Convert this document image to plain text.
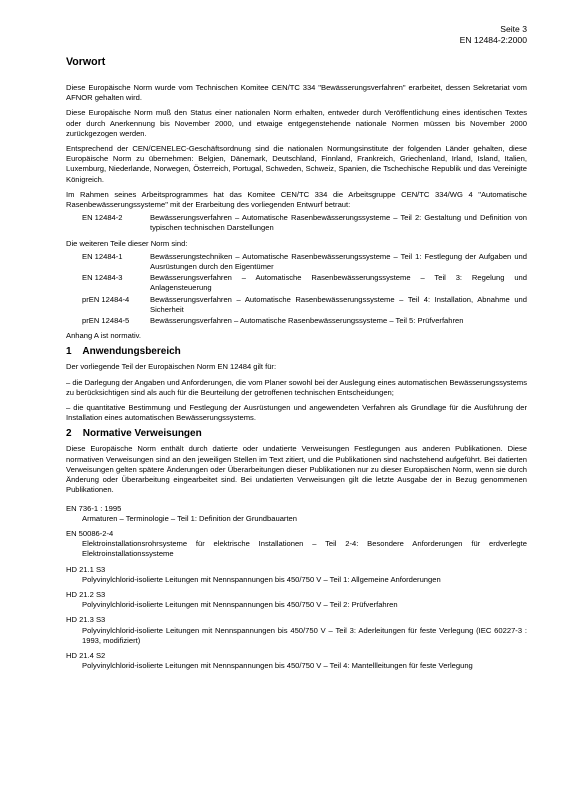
Seite 3
EN 12484-2:2000
Vorwort

Diese Europäische Norm wurde vom Technischen Komitee CEN/TC 334 "Bewässerungsverfahren" erarbeitet, dessen Sekretariat vom AFNOR gehalten wird.

Diese Europäische Norm muß den Status einer nationalen Norm erhalten, entweder durch Veröffentlichung eines identischen Textes oder durch Anerkennung bis November 2000, und etwaige entgegenstehende nationale Normen müssen bis November 2000 zurückgezogen werden.

Entsprechend der CEN/CENELEC-Geschäftsordnung sind die nationalen Normungsinstitute der folgenden Länder gehalten, diese Europäische Norm zu übernehmen: Belgien, Dänemark, Deutschland, Finnland, Frankreich, Griechenland, Irland, Island, Italien, Luxemburg, Niederlande, Norwegen, Österreich, Portugal, Schweden, Schweiz, Spanien, die Tschechische Republik und das Vereinigte Königreich.

Im Rahmen seines Arbeitsprogrammes hat das Komitee CEN/TC 334 die Arbeitsgruppe CEN/TC 334/WG 4 "Automatische Rasenbewässerungssysteme" mit der Erarbeitung des vorliegenden Entwurf betraut:

EN 12484-2	Bewässerungsverfahren – Automatische Rasenbewässerungssysteme – Teil 2: Gestaltung und Definition von typischen technischen Darstellungen

Die weiteren Teile dieser Norm sind:

EN 12484-1	Bewässerungstechniken – Automatische Rasenbewässerungssysteme – Teil 1: Festlegung der Aufgaben und Ausrüstungen durch den Eigentümer
EN 12484-3	Bewässerungsverfahren – Automatische Rasenbewässerungssysteme – Teil 3: Regelung und Anlagensteuerung
prEN 12484-4	Bewässerungsverfahren – Automatische Rasenbewässerungssysteme – Teil 4: Installation, Abnahme und Sicherheit
prEN 12484-5	Bewässerungsverfahren – Automatische Rasenbewässerungssysteme – Teil 5: Prüfverfahren

Anhang A ist normativ.

1 Anwendungsbereich

Der vorliegende Teil der Europäischen Norm EN 12484 gilt für:

– die Darlegung der Angaben und Anforderungen, die vom Planer sowohl bei der Auslegung eines automatischen Bewässerungssystems zu berücksichtigen sind als auch für die Beurteilung der getroffenen technischen Entscheidungen;

– die quantitative Bestimmung und Festlegung der Ausrüstungen und angewendeten Verfahren als Grundlage für die Ausführung der Installation eines automatischen Bewässerungssystems.

2 Normative Verweisungen

Diese Europäische Norm enthält durch datierte oder undatierte Verweisungen Festlegungen aus anderen Publikationen. Diese normativen Verweisungen sind an den jeweiligen Stellen im Text zitiert, und die Publikationen sind nachstehend aufgeführt. Bei datierten Verweisungen gelten spätere Änderungen oder Überarbeitungen dieser Publikationen nur zu dieser Europäischen Norm, wenn sie durch Änderung oder Überarbeitung eingearbeitet sind. Bei undatierten Verweisungen gilt die letzte Ausgabe der in Bezug genommenen Publikationen.

EN 736-1 : 1995
Armaturen – Terminologie – Teil 1: Definition der Grundbauarten
EN 50086-2-4
Elektroinstallationsrohrsysteme für elektrische Installationen – Teil 2-4: Besondere Anforderungen für erdverlegte Elektroinstallationssysteme
HD 21.1 S3
Polyvinylchlorid-isolierte Leitungen mit Nennspannungen bis 450/750 V – Teil 1: Allgemeine Anforderungen
HD 21.2 S3
Polyvinylchlorid-isolierte Leitungen mit Nennspannungen bis 450/750 V – Teil 2: Prüfverfahren
HD 21.3 S3
Polyvinylchlorid-isolierte Leitungen mit Nennspannungen bis 450/750 V – Teil 3: Aderleitungen für feste Verlegung (IEC 60227-3 : 1993, modifiziert)
HD 21.4 S2
Polyvinylchlorid-isolierte Leitungen mit Nennspannungen bis 450/750 V – Teil 4: Mantellleitungen für feste Verlegung
